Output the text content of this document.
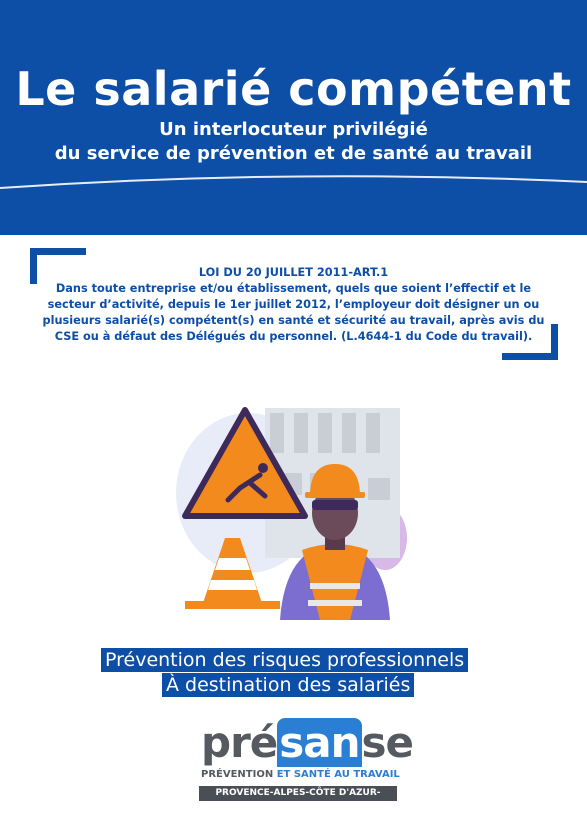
Le salarié compétent
Un interlocuteur privilégié
du service de prévention et de santé au travail
LOI DU 20 JUILLET 2011-ART.1
Dans toute entreprise et/ou établissement, quels que soient l’effectif et le
secteur d’activité, depuis le 1er juillet 2012, l’employeur doit désigner un ou
plusieurs salarié(s) compétent(s) en santé et sécurité au travail, après avis du
CSE ou à défaut des Délégués du personnel. (L.4644-1 du Code du travail).
Prévention des risques professionnels
À destination des salariés
présanse
PRÉVENTION ET SANTÉ AU TRAVAIL
PROVENCE-ALPES-CÔTE D'AZUR-CORSE
